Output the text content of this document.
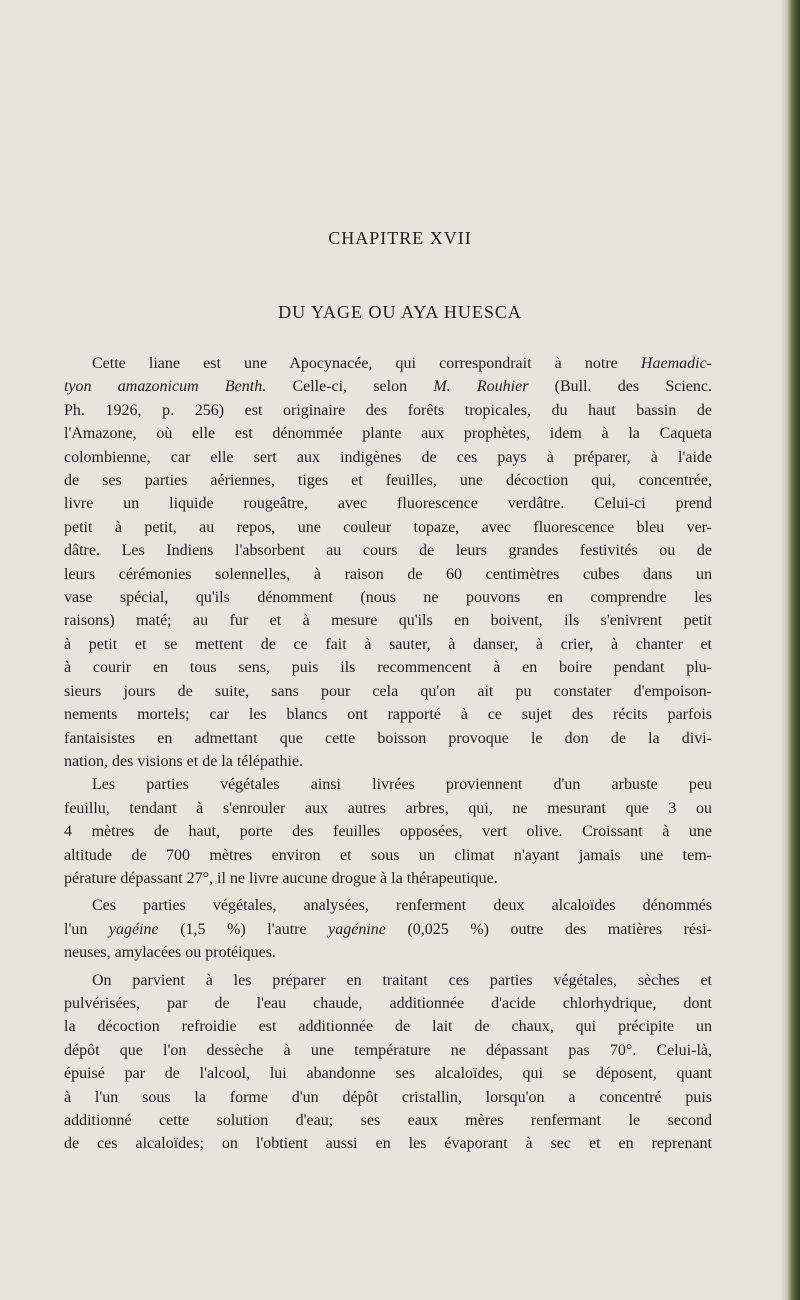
CHAPITRE XVII
DU YAGE OU AYA HUESCA

Cette liane est une Apocynacée, qui correspondrait à notre Haemadic-

tyon amazonicum Benth. Celle-ci, selon M. Rouhier (Bull. des Scienc.

Ph. 1926, p. 256) est originaire des forêts tropicales, du haut bassin de

l'Amazone, où elle est dénommée plante aux prophètes, idem à la Caqueta

colombienne, car elle sert aux indigènes de ces pays à préparer, à l'aide

de ses parties aériennes, tiges et feuilles, une décoction qui, concentrée,

livre un liquide rougeâtre, avec fluorescence verdâtre. Celui-ci prend

petit à petit, au repos, une couleur topaze, avec fluorescence bleu ver-

dâtre. Les Indiens l'absorbent au cours de leurs grandes festivités ou de

leurs cérémonies solennelles, à raison de 60 centimètres cubes dans un

vase spécial, qu'ils dénomment (nous ne pouvons en comprendre les

raisons) maté; au fur et à mesure qu'ils en boivent, ils s'enivrent petit

à petit et se mettent de ce fait à sauter, à danser, à crier, à chanter et

à courir en tous sens, puis ils recommencent à en boire pendant plu-

sieurs jours de suite, sans pour cela qu'on ait pu constater d'empoison-

nements mortels; car les blancs ont rapporté à ce sujet des récits parfois

fantaisistes en admettant que cette boisson provoque le don de la divi-

nation, des visions et de la télépathie.

Les parties végétales ainsi livrées proviennent d'un arbuste peu

feuillu, tendant à s'enrouler aux autres arbres, qui, ne mesurant que 3 ou

4 mètres de haut, porte des feuilles opposées, vert olive. Croissant à une

altitude de 700 mètres environ et sous un climat n'ayant jamais une tem-

pérature dépassant 27°, il ne livre aucune drogue à la thérapeutique.

Ces parties végétales, analysées, renferment deux alcaloïdes dénommés

l'un yagéine (1,5 %) l'autre yagénine (0,025 %) outre des matières rési-

neuses, amylacées ou protéiques.

On parvient à les préparer en traitant ces parties végétales, sèches et

pulvérisées, par de l'eau chaude, additionnée d'acide chlorhydrique, dont

la décoction refroidie est additionnée de lait de chaux, qui précipite un

dépôt que l'on dessèche à une température ne dépassant pas 70°. Celui-là,

épuisé par de l'alcool, lui abandonne ses alcaloïdes, qui se déposent, quant

à l'un sous la forme d'un dépôt cristallin, lorsqu'on a concentré puis

additionné cette solution d'eau; ses eaux mères renfermant le second

de ces alcaloïdes; on l'obtient aussi en les évaporant à sec et en reprenant
